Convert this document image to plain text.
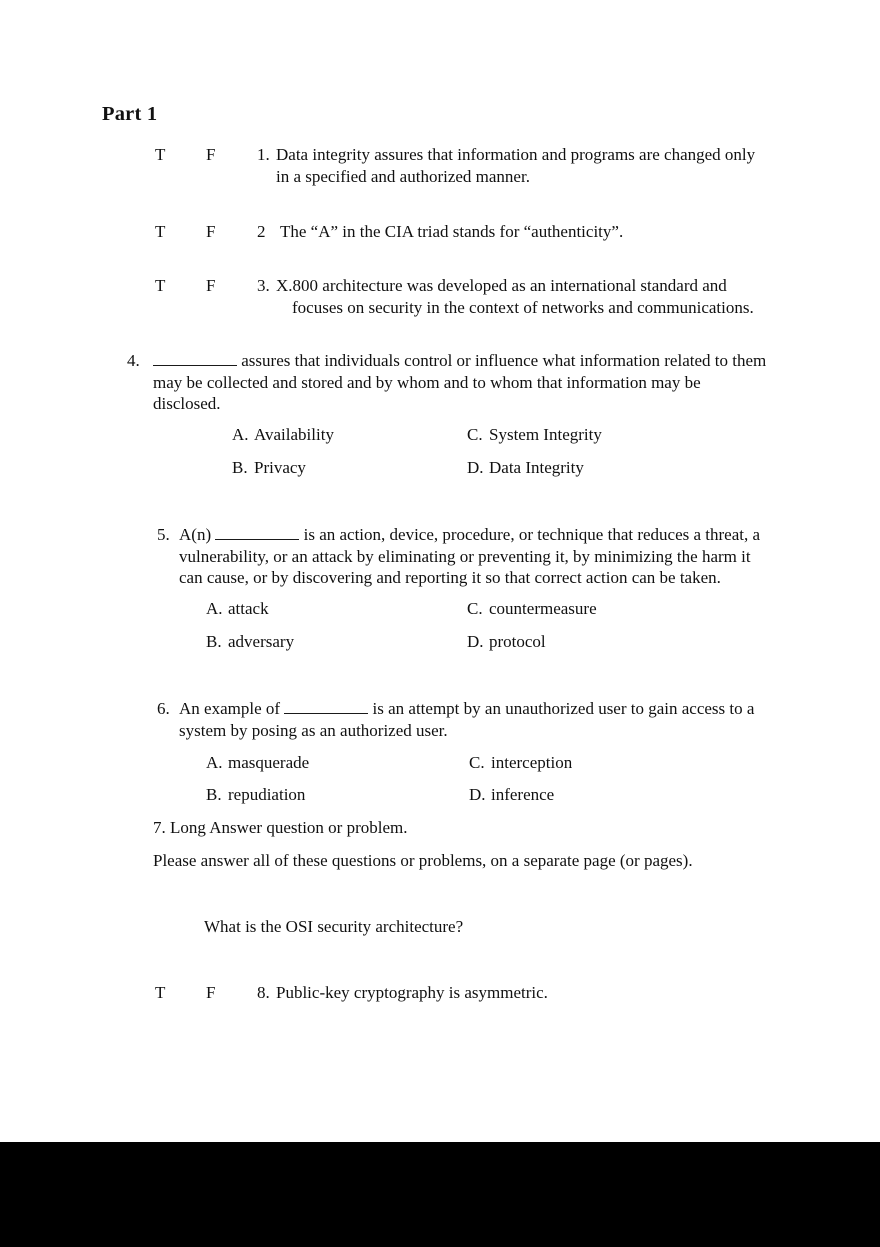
Part 1
T F 1. Data integrity assures that information and programs are changed only
in a specified and authorized manner.
T F 2 The “A” in the CIA triad stands for “authenticity”.
T F 3. X.800 architecture was developed as an international standard and
focuses on security in the context of networks and communications.
4.	assures that individuals control or influence what information related to them may be collected and stored and by whom and to whom that information may be disclosed.
A. Availability
B. Privacy
C. System Integrity
D. Data Integrity
5. A(n)	is an action, device, procedure, or technique that reduces a threat, a vulnerability, or an attack by eliminating or preventing it, by minimizing the harm it can cause, or by discovering and reporting it so that correct action can be taken.
A. attack
B. adversary
C. countermeasure
D. protocol
6. An example of	is an attempt by an unauthorized user to gain access to a system by posing as an authorized user.
A. masquerade
B. repudiation
C. interception
D. inference
7. Long Answer question or problem.
Please answer all of these questions or problems, on a separate page (or pages).
What is the OSI security architecture?
T F 8. Public-key cryptography is asymmetric.
